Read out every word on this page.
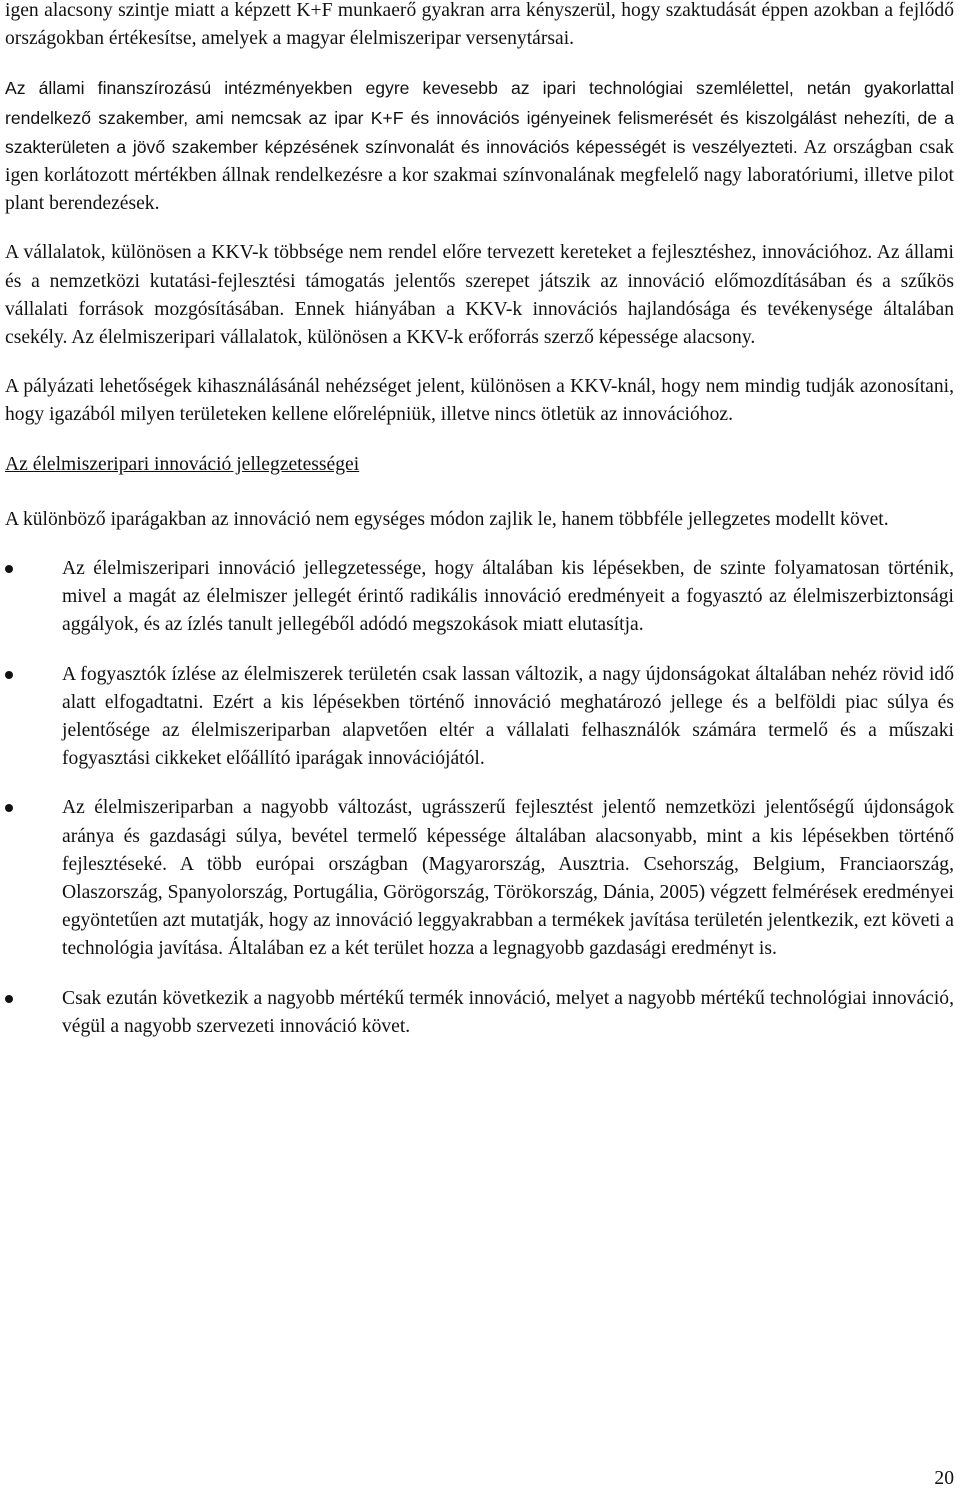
igen alacsony szintje miatt a képzett K+F munkaerő gyakran arra kényszerül, hogy szaktudását éppen azokban a fejlődő országokban értékesítse, amelyek a magyar élelmiszeripar versenytársai.

Az állami finanszírozású intézményekben egyre kevesebb az ipari technológiai szemlélettel, netán gyakorlattal rendelkező szakember, ami nemcsak az ipar K+F és innovációs igényeinek felismerését és kiszolgálást nehezíti, de a szakterületen a jövő szakember képzésének színvonalát és innovációs képességét is veszélyezteti. Az országban csak igen korlátozott mértékben állnak rendelkezésre a kor szakmai színvonalának megfelelő nagy laboratóriumi, illetve pilot plant berendezések.

A vállalatok, különösen a KKV-k többsége nem rendel előre tervezett kereteket a fejlesztéshez, innovációhoz. Az állami és a nemzetközi kutatási-fejlesztési támogatás jelentős szerepet játszik az innováció előmozdításában és a szűkös vállalati források mozgósításában. Ennek hiányában a KKV-k innovációs hajlandósága és tevékenysége általában csekély. Az élelmiszeripari vállalatok, különösen a KKV-k erőforrás szerző képessége alacsony.

A pályázati lehetőségek kihasználásánál nehézséget jelent, különösen a KKV-knál, hogy nem mindig tudják azonosítani, hogy igazából milyen területeken kellene előrelépniük, illetve nincs ötletük az innovációhoz.

Az élelmiszeripari innováció jellegzetességei

A különböző iparágakban az innováció nem egységes módon zajlik le, hanem többféle jellegzetes modellt követ.

Az élelmiszeripari innováció jellegzetessége, hogy általában kis lépésekben, de szinte folyamatosan történik, mivel a magát az élelmiszer jellegét érintő radikális innováció eredményeit a fogyasztó az élelmiszerbiztonsági aggályok, és az ízlés tanult jellegéből adódó megszokások miatt elutasítja.
A fogyasztók ízlése az élelmiszerek területén csak lassan változik, a nagy újdonságokat általában nehéz rövid idő alatt elfogadtatni. Ezért a kis lépésekben történő innováció meghatározó jellege és a belföldi piac súlya és jelentősége az élelmiszeriparban alapvetően eltér a vállalati felhasználók számára termelő és a műszaki fogyasztási cikkeket előállító iparágak innovációjától.
Az élelmiszeriparban a nagyobb változást, ugrásszerű fejlesztést jelentő nemzetközi jelentőségű újdonságok aránya és gazdasági súlya, bevétel termelő képessége általában alacsonyabb, mint a kis lépésekben történő fejlesztéseké. A több európai országban (Magyarország, Ausztria. Csehország, Belgium, Franciaország, Olaszország, Spanyolország, Portugália, Görögország, Törökország, Dánia, 2005) végzett felmérések eredményei egyöntetűen azt mutatják, hogy az innováció leggyakrabban a termékek javítása területén jelentkezik, ezt követi a technológia javítása. Általában ez a két terület hozza a legnagyobb gazdasági eredményt is.
Csak ezután következik a nagyobb mértékű termék innováció, melyet a nagyobb mértékű technológiai innováció, végül a nagyobb szervezeti innováció követ.
20
